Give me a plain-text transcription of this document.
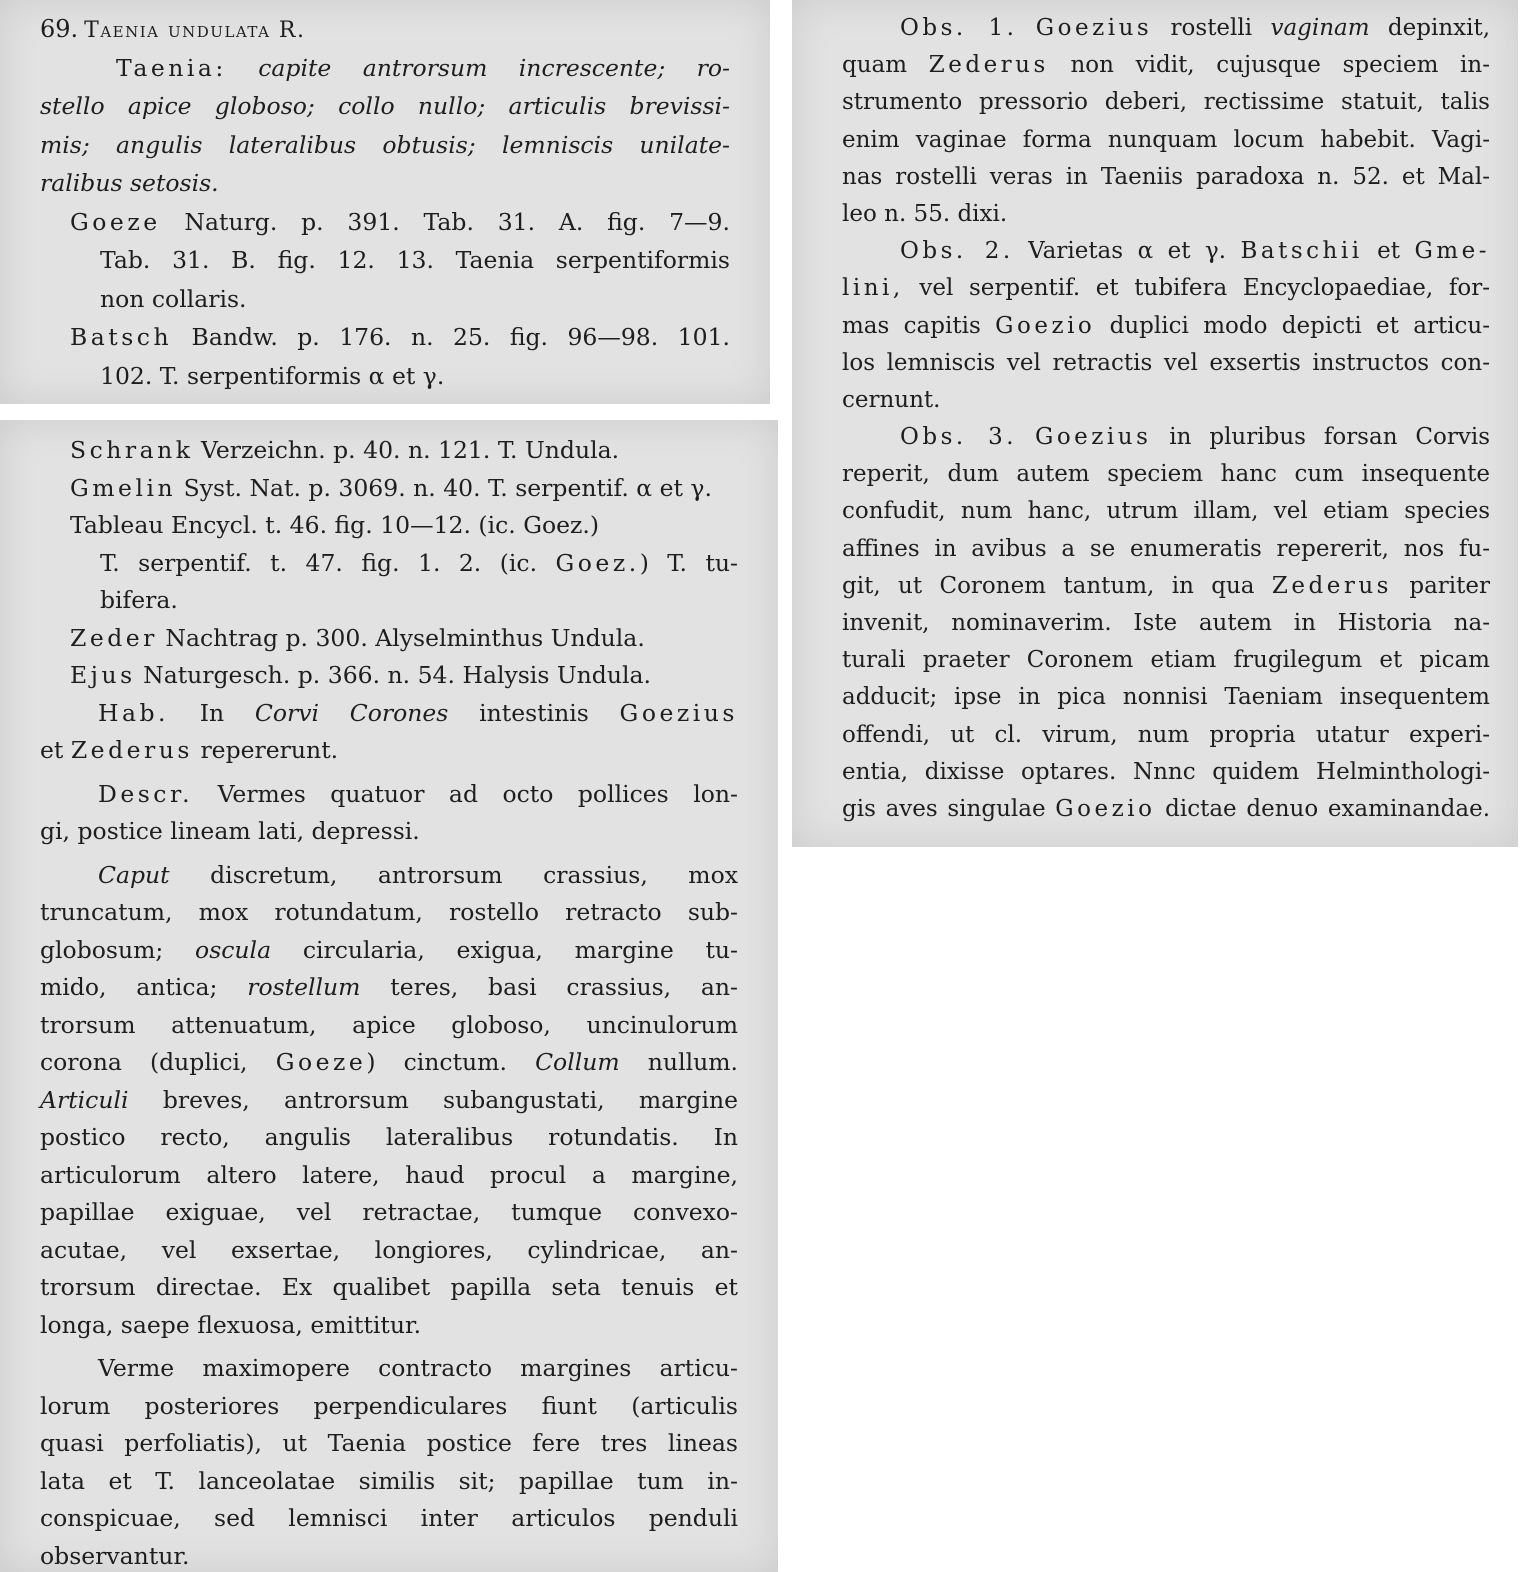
69. Taenia undulata R.
Taenia: capite antrorsum increscente; ro-
stello apice globoso; collo nullo; articulis brevissi-
mis; angulis lateralibus obtusis; lemniscis unilate-
ralibus setosis.
Goeze Naturg. p. 391. Tab. 31. A. fig. 7—9.
Tab. 31. B. fig. 12. 13. Taenia serpentiformis
non collaris.
Batsch Bandw. p. 176. n. 25. fig. 96—98. 101.
102. T. serpentiformis α et γ.
Schrank Verzeichn. p. 40. n. 121. T. Undula.
Gmelin Syst. Nat. p. 3069. n. 40. T. serpentif. α et γ.
Tableau Encycl. t. 46. fig. 10—12. (ic. Goez.)
T. serpentif. t. 47. fig. 1. 2. (ic. Goez.) T. tu-
bifera.
Zeder Nachtrag p. 300. Alyselminthus Undula.
Ejus Naturgesch. p. 366. n. 54. Halysis Undula.
Hab. In Corvi Corones intestinis Goezius
et Zederus repererunt.
Descr. Vermes quatuor ad octo pollices lon-
gi, postice lineam lati, depressi.
Caput discretum, antrorsum crassius, mox
truncatum, mox rotundatum, rostello retracto sub-
globosum; oscula circularia, exigua, margine tu-
mido, antica; rostellum teres, basi crassius, an-
trorsum attenuatum, apice globoso, uncinulorum
corona (duplici, Goeze) cinctum. Collum nullum.
Articuli breves, antrorsum subangustati, margine
postico recto, angulis lateralibus rotundatis. In
articulorum altero latere, haud procul a margine,
papillae exiguae, vel retractae, tumque convexo-
acutae, vel exsertae, longiores, cylindricae, an-
trorsum directae. Ex qualibet papilla seta tenuis et
longa, saepe flexuosa, emittitur.
Verme maximopere contracto margines articu-
lorum posteriores perpendiculares fiunt (articulis
quasi perfoliatis), ut Taenia postice fere tres lineas
lata et T. lanceolatae similis sit; papillae tum in-
conspicuae, sed lemnisci inter articulos penduli
observantur.
Obs. 1. Goezius rostelli vaginam depinxit,
quam Zederus non vidit, cujusque speciem in-
strumento pressorio deberi, rectissime statuit, talis
enim vaginae forma nunquam locum habebit. Vagi-
nas rostelli veras in Taeniis paradoxa n. 52. et Mal-
leo n. 55. dixi.
Obs. 2. Varietas α et γ. Batschii et Gme-
lini, vel serpentif. et tubifera Encyclopaediae, for-
mas capitis Goezio duplici modo depicti et articu-
los lemniscis vel retractis vel exsertis instructos con-
cernunt.
Obs. 3. Goezius in pluribus forsan Corvis
reperit, dum autem speciem hanc cum insequente
confudit, num hanc, utrum illam, vel etiam species
affines in avibus a se enumeratis repererit, nos fu-
git, ut Coronem tantum, in qua Zederus pariter
invenit, nominaverim. Iste autem in Historia na-
turali praeter Coronem etiam frugilegum et picam
adducit; ipse in pica nonnisi Taeniam insequentem
offendi, ut cl. virum, num propria utatur experi-
entia, dixisse optares. Nnnc quidem Helminthologi-
gis aves singulae Goezio dictae denuo examinandae.
